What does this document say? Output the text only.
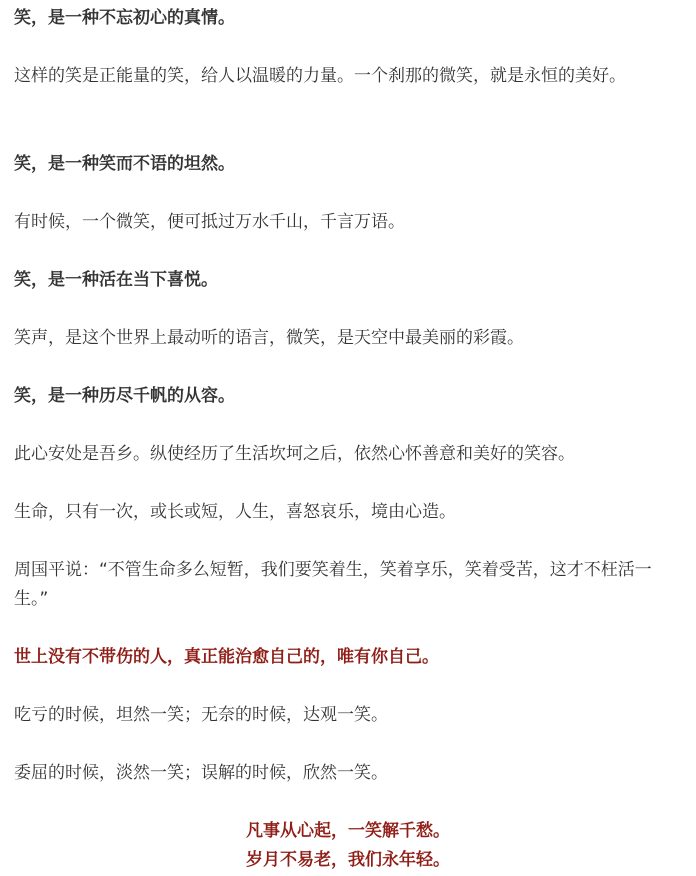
笑，是一种不忘初心的真情。

这样的笑是正能量的笑，给人以温暖的力量。一个刹那的微笑，就是永恒的美好。

笑，是一种笑而不语的坦然。

有时候，一个微笑，便可抵过万水千山，千言万语。

笑，是一种活在当下喜悦。

笑声，是这个世界上最动听的语言，微笑，是天空中最美丽的彩霞。

笑，是一种历尽千帆的从容。

此心安处是吾乡。纵使经历了生活坎坷之后，依然心怀善意和美好的笑容。

生命，只有一次，或长或短，人生，喜怒哀乐，境由心造。

周国平说：“不管生命多么短暂，我们要笑着生，笑着享乐，笑着受苦，这才不枉活一生。”

世上没有不带伤的人，真正能治愈自己的，唯有你自己。

吃亏的时候，坦然一笑；无奈的时候，达观一笑。

委屈的时候，淡然一笑；误解的时候，欣然一笑。

凡事从心起，一笑解千愁。

岁月不易老，我们永年轻。
